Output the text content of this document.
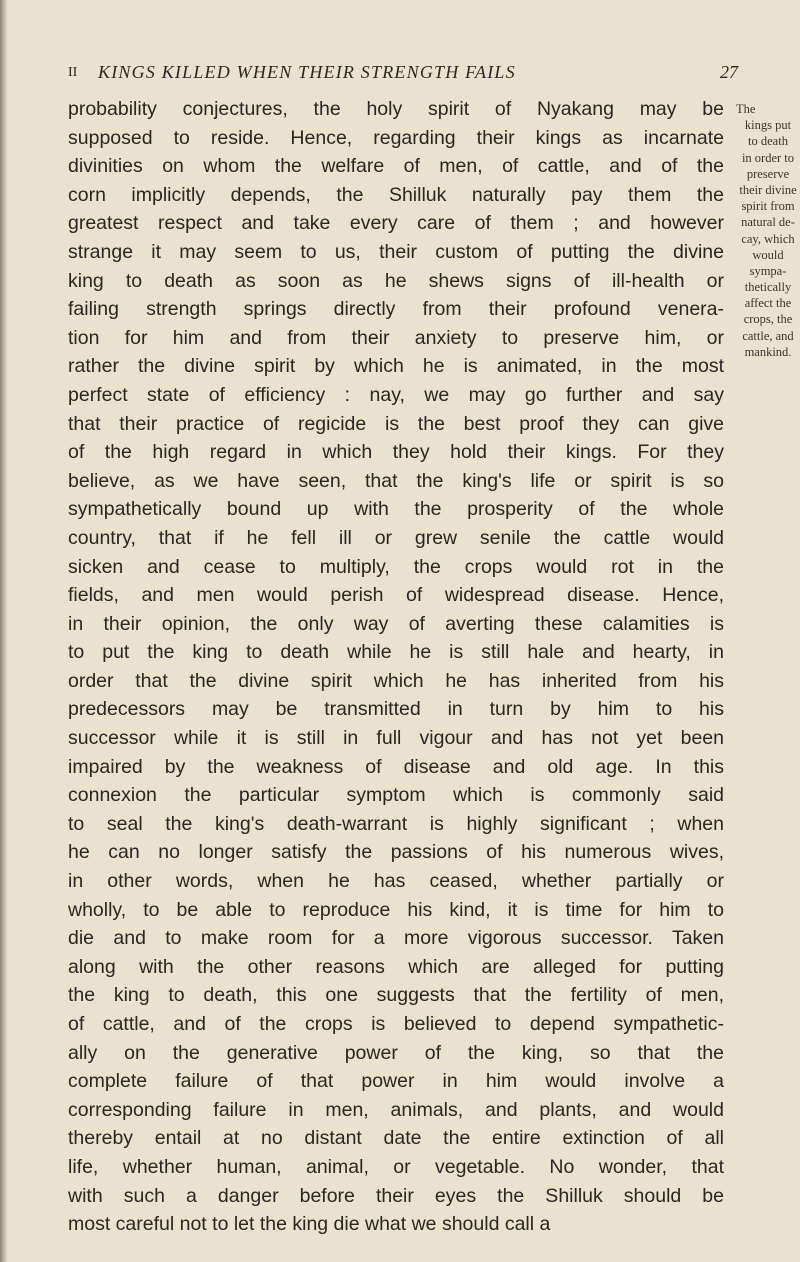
II KINGS KILLED WHEN THEIR STRENGTH FAILS	27
probability conjectures, the holy spirit of Nyakang may be
supposed to reside. Hence, regarding their kings as incarnate
divinities on whom the welfare of men, of cattle, and of the
corn implicitly depends, the Shilluk naturally pay them the
greatest respect and take every care of them ; and however
strange it may seem to us, their custom of putting the divine
king to death as soon as he shews signs of ill-health or
failing strength springs directly from their profound venera-
tion for him and from their anxiety to preserve him, or
rather the divine spirit by which he is animated, in the most
perfect state of efficiency : nay, we may go further and say
that their practice of regicide is the best proof they can give
of the high regard in which they hold their kings. For they
believe, as we have seen, that the king's life or spirit is so
sympathetically bound up with the prosperity of the whole
country, that if he fell ill or grew senile the cattle would
sicken and cease to multiply, the crops would rot in the
fields, and men would perish of widespread disease. Hence,
in their opinion, the only way of averting these calamities is
to put the king to death while he is still hale and hearty, in
order that the divine spirit which he has inherited from his
predecessors may be transmitted in turn by him to his
successor while it is still in full vigour and has not yet been
impaired by the weakness of disease and old age. In this
connexion the particular symptom which is commonly said
to seal the king's death-warrant is highly significant ; when
he can no longer satisfy the passions of his numerous wives,
in other words, when he has ceased, whether partially or
wholly, to be able to reproduce his kind, it is time for him to
die and to make room for a more vigorous successor. Taken
along with the other reasons which are alleged for putting
the king to death, this one suggests that the fertility of men,
of cattle, and of the crops is believed to depend sympathetic-
ally on the generative power of the king, so that the
complete failure of that power in him would involve a
corresponding failure in men, animals, and plants, and would
thereby entail at no distant date the entire extinction of all
life, whether human, animal, or vegetable. No wonder, that
with such a danger before their eyes the Shilluk should be
most careful not to let the king die what we should call a
The
kings put
to death
in order to
preserve
their divine
spirit from
natural de-
cay, which
would
sympa-
thetically
affect the
crops, the
cattle, and
mankind.
